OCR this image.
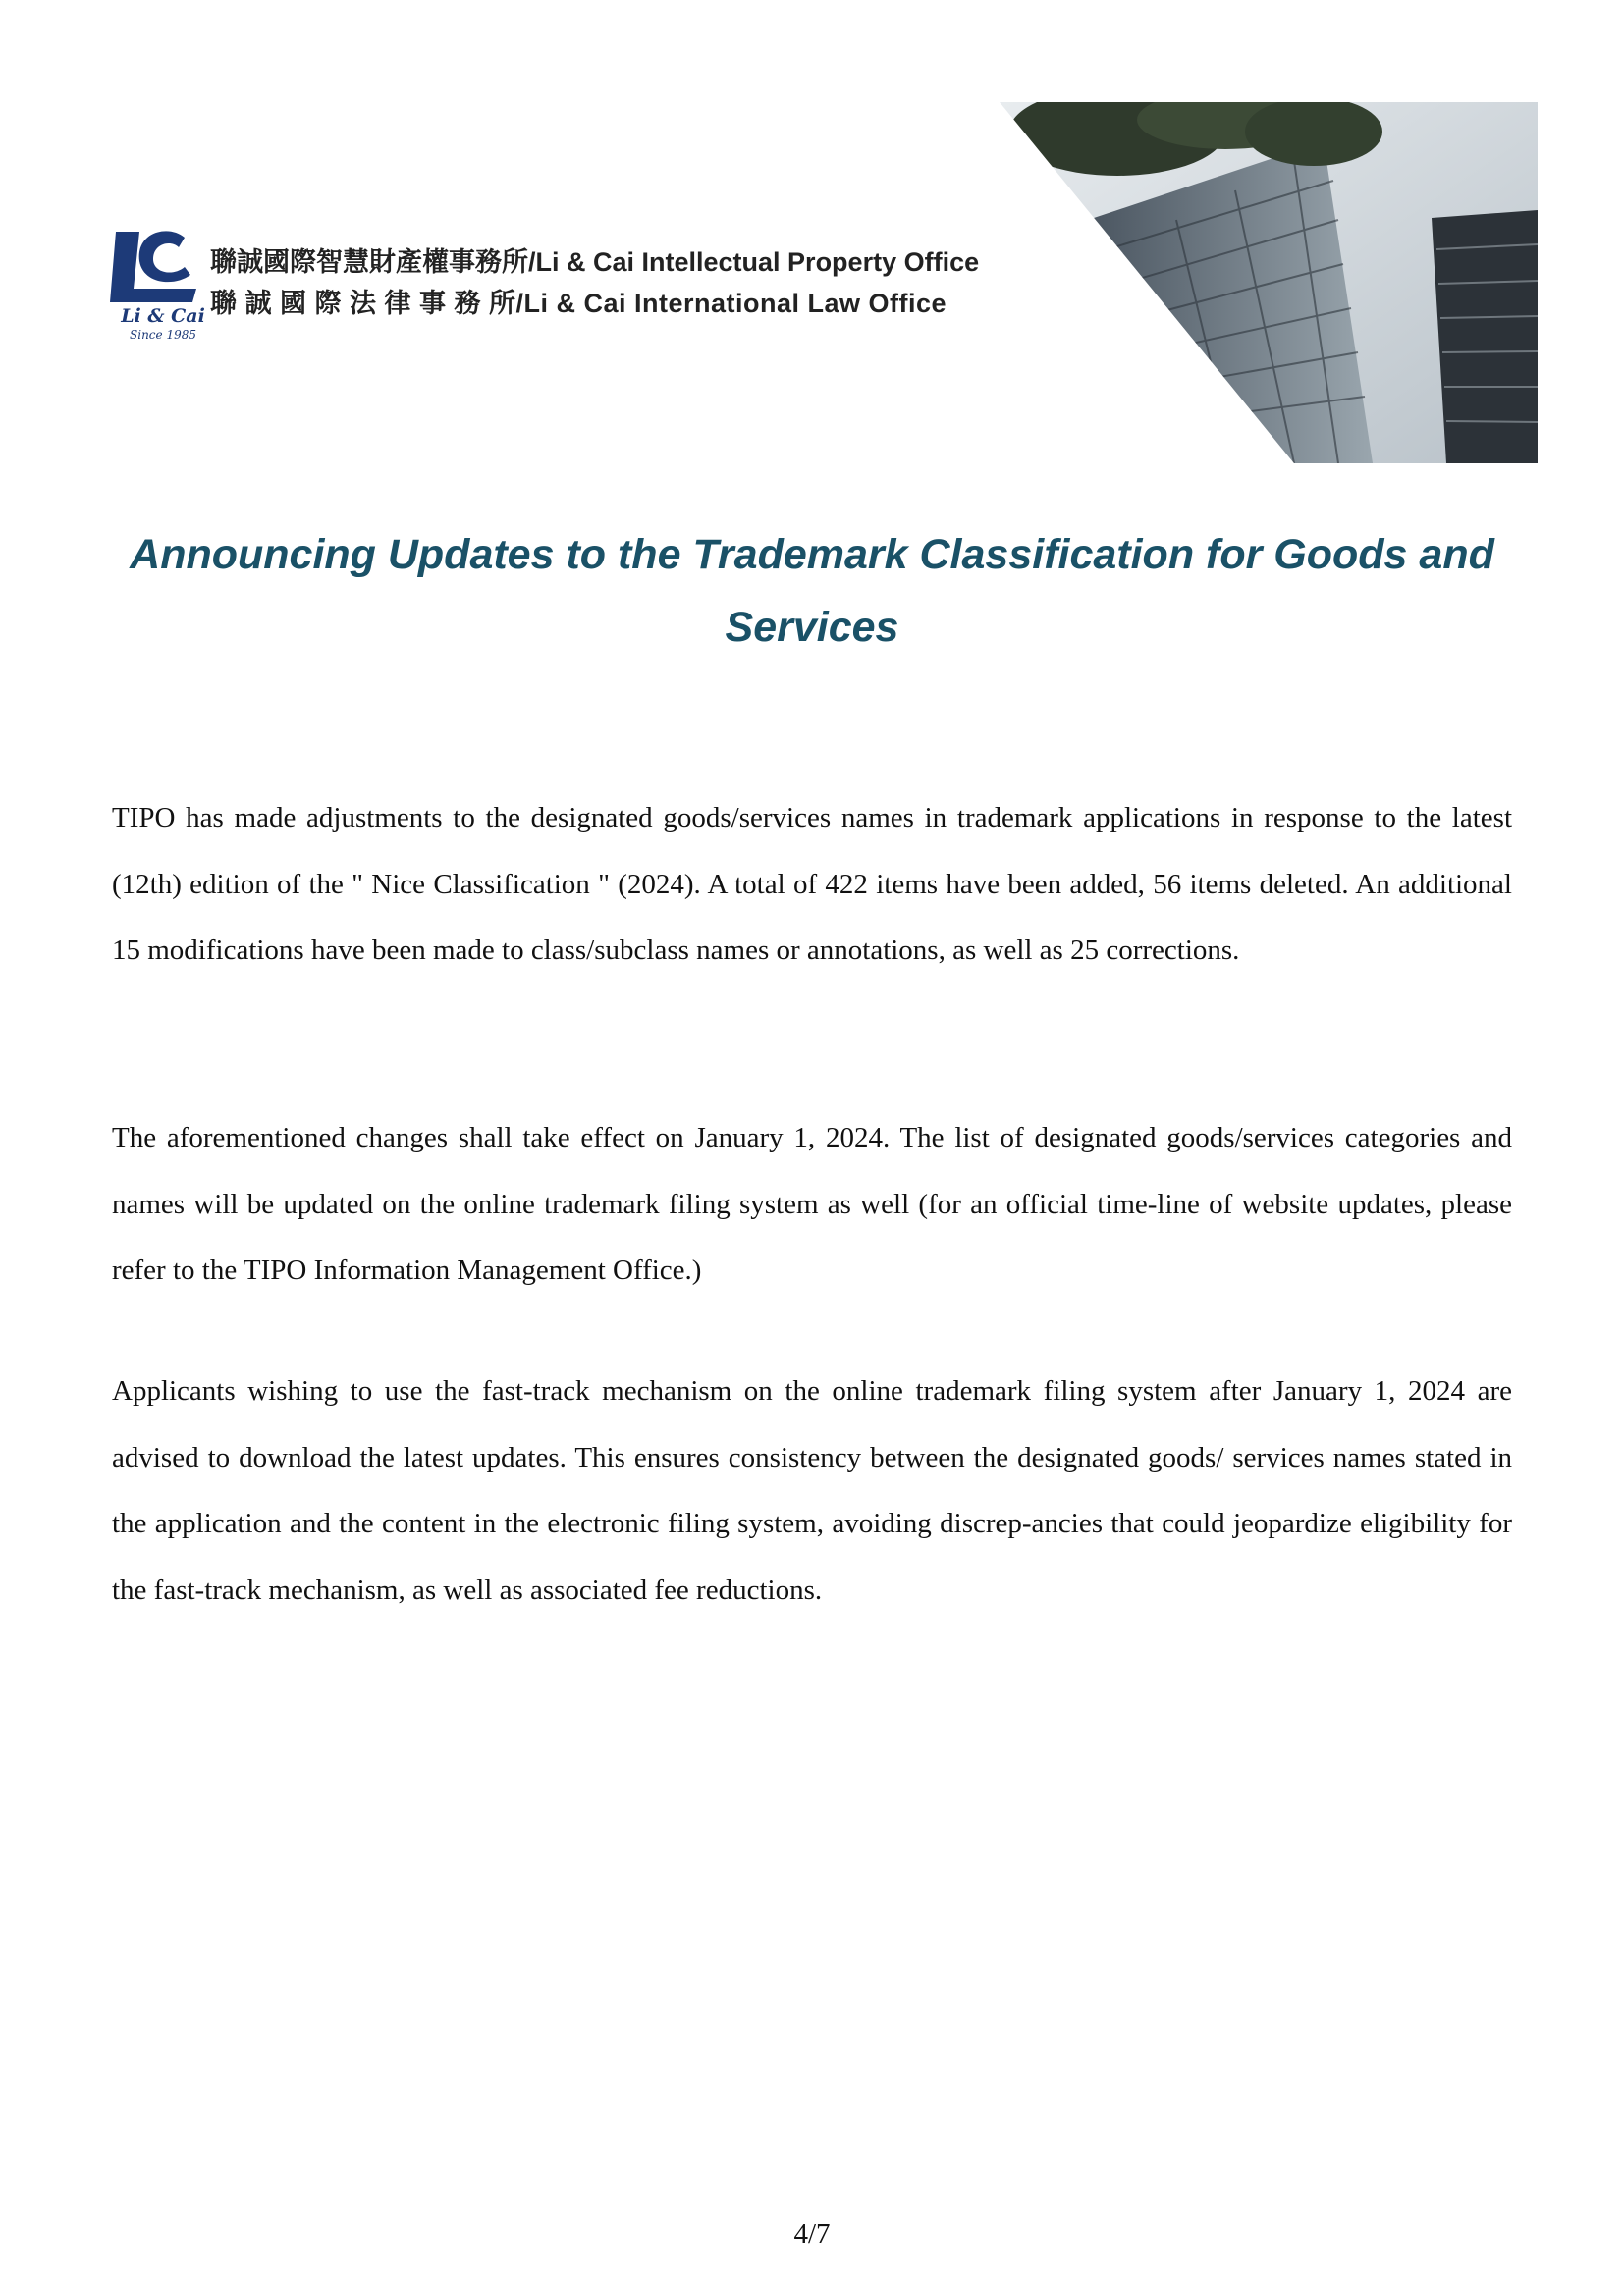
Li & Cai
Since 1985
聯誠國際智慧財產權事務所/Li & Cai Intellectual Property Office
聯 誠 國 際 法 律 事 務 所/Li & Cai International Law Office
Announcing Updates to the Trademark Classification for Goods and Services

TIPO has made adjustments to the designated goods/services names in trademark applications in response to the latest (12th) edition of the " Nice Classification " (2024). A total of 422 items have been added, 56 items deleted. An additional 15 modifications have been made to class/subclass names or annotations, as well as 25 corrections.

The aforementioned changes shall take effect on January 1, 2024. The list of designated goods/services categories and names will be updated on the online trademark filing system as well (for an official time-line of website updates, please refer to the TIPO Information Management Office.)

Applicants wishing to use the fast-track mechanism on the online trademark filing system after January 1, 2024 are advised to download the latest updates. This ensures consistency between the designated goods/ services names stated in the application and the content in the electronic filing system, avoiding discrep-ancies that could jeopardize eligibility for the fast-track mechanism, as well as associated fee reductions.

4/7
